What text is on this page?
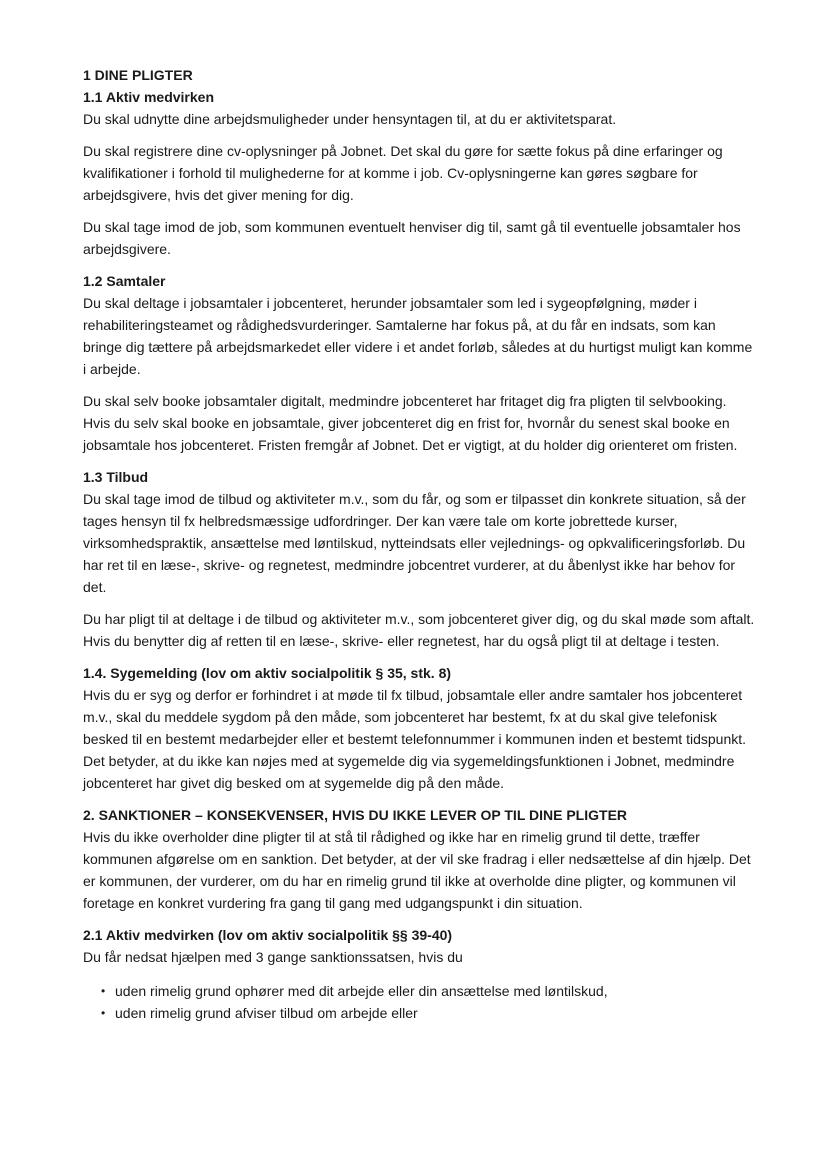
1 DINE PLIGTER
1.1 Aktiv medvirken

Du skal udnytte dine arbejdsmuligheder under hensyntagen til, at du er aktivitetsparat.

Du skal registrere dine cv-oplysninger på Jobnet. Det skal du gøre for sætte fokus på dine erfaringer og kvalifikationer i forhold til mulighederne for at komme i job. Cv-oplysningerne kan gøres søgbare for arbejdsgivere, hvis det giver mening for dig.

Du skal tage imod de job, som kommunen eventuelt henviser dig til, samt gå til eventuelle jobsamtaler hos arbejdsgivere.

1.2 Samtaler

Du skal deltage i jobsamtaler i jobcenteret, herunder jobsamtaler som led i sygeopfølgning, møder i rehabiliteringsteamet og rådighedsvurderinger. Samtalerne har fokus på, at du får en indsats, som kan bringe dig tættere på arbejdsmarkedet eller videre i et andet forløb, således at du hurtigst muligt kan komme i arbejde.

Du skal selv booke jobsamtaler digitalt, medmindre jobcenteret har fritaget dig fra pligten til selvbooking. Hvis du selv skal booke en jobsamtale, giver jobcenteret dig en frist for, hvornår du senest skal booke en jobsamtale hos jobcenteret. Fristen fremgår af Jobnet. Det er vigtigt, at du holder dig orienteret om fristen.

1.3 Tilbud

Du skal tage imod de tilbud og aktiviteter m.v., som du får, og som er tilpasset din konkrete situation, så der tages hensyn til fx helbredsmæssige udfordringer. Der kan være tale om korte jobrettede kurser, virksomhedspraktik, ansættelse med løntilskud, nytteindsats eller vejlednings- og opkvalificeringsforløb. Du har ret til en læse-, skrive- og regnetest, medmindre jobcentret vurderer, at du åbenlyst ikke har behov for det.

Du har pligt til at deltage i de tilbud og aktiviteter m.v., som jobcenteret giver dig, og du skal møde som aftalt. Hvis du benytter dig af retten til en læse-, skrive- eller regnetest, har du også pligt til at deltage i testen.

1.4. Sygemelding (lov om aktiv socialpolitik § 35, stk. 8)

Hvis du er syg og derfor er forhindret i at møde til fx tilbud, jobsamtale eller andre samtaler hos jobcenteret m.v., skal du meddele sygdom på den måde, som jobcenteret har bestemt, fx at du skal give telefonisk besked til en bestemt medarbejder eller et bestemt telefonnummer i kommunen inden et bestemt tidspunkt. Det betyder, at du ikke kan nøjes med at sygemelde dig via sygemeldingsfunktionen i Jobnet, medmindre jobcenteret har givet dig besked om at sygemelde dig på den måde.

2. SANKTIONER – KONSEKVENSER, HVIS DU IKKE LEVER OP TIL DINE PLIGTER

Hvis du ikke overholder dine pligter til at stå til rådighed og ikke har en rimelig grund til dette, træffer kommunen afgørelse om en sanktion. Det betyder, at der vil ske fradrag i eller nedsættelse af din hjælp. Det er kommunen, der vurderer, om du har en rimelig grund til ikke at overholde dine pligter, og kommunen vil foretage en konkret vurdering fra gang til gang med udgangspunkt i din situation.

2.1 Aktiv medvirken (lov om aktiv socialpolitik §§ 39-40)

Du får nedsat hjælpen med 3 gange sanktionssatsen, hvis du

• uden rimelig grund ophører med dit arbejde eller din ansættelse med løntilskud,
• uden rimelig grund afviser tilbud om arbejde eller
